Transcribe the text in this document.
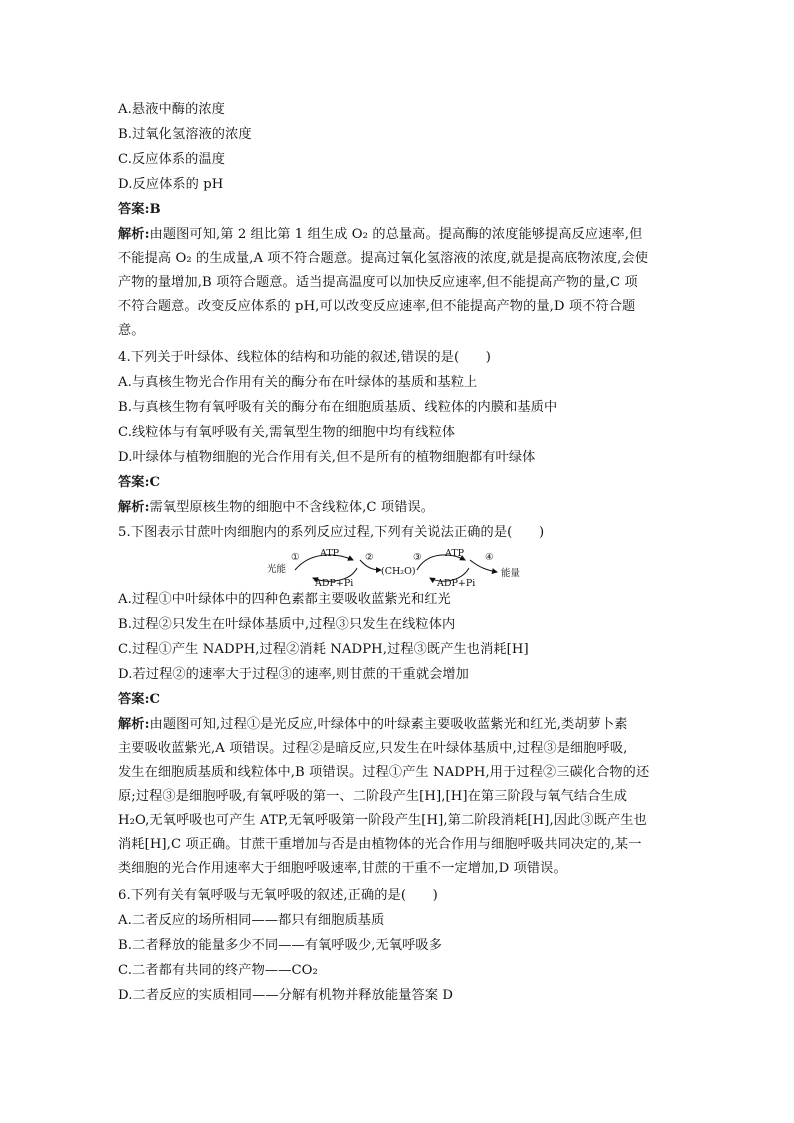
A.悬液中酶的浓度
B.过氧化氢溶液的浓度
C.反应体系的温度
D.反应体系的 pH
答案:B
解析:由题图可知,第 2 组比第 1 组生成 O₂ 的总量高。提高酶的浓度能够提高反应速率,但
不能提高 O₂ 的生成量,A 项不符合题意。提高过氧化氢溶液的浓度,就是提高底物浓度,会使
产物的量增加,B 项符合题意。适当提高温度可以加快反应速率,但不能提高产物的量,C 项
不符合题意。改变反应体系的 pH,可以改变反应速率,但不能提高产物的量,D 项不符合题
意。
4.下列关于叶绿体、线粒体的结构和功能的叙述,错误的是(　　)
A.与真核生物光合作用有关的酶分布在叶绿体的基质和基粒上
B.与真核生物有氧呼吸有关的酶分布在细胞质基质、线粒体的内膜和基质中
C.线粒体与有氧呼吸有关,需氧型生物的细胞中均有线粒体
D.叶绿体与植物细胞的光合作用有关,但不是所有的植物细胞都有叶绿体
答案:C
解析:需氧型原核生物的细胞中不含线粒体,C 项错误。
5.下图表示甘蔗叶肉细胞内的系列反应过程,下列有关说法正确的是(　　)
光能
① ATP
ADP+Pi
②
(CH₂O)
③ ATP
ADP+Pi
④
能量
A.过程①中叶绿体中的四种色素都主要吸收蓝紫光和红光
B.过程②只发生在叶绿体基质中,过程③只发生在线粒体内
C.过程①产生 NADPH,过程②消耗 NADPH,过程③既产生也消耗[H]
D.若过程②的速率大于过程③的速率,则甘蔗的干重就会增加
答案:C
解析:由题图可知,过程①是光反应,叶绿体中的叶绿素主要吸收蓝紫光和红光,类胡萝卜素
主要吸收蓝紫光,A 项错误。过程②是暗反应,只发生在叶绿体基质中,过程③是细胞呼吸,
发生在细胞质基质和线粒体中,B 项错误。过程①产生 NADPH,用于过程②三碳化合物的还
原;过程③是细胞呼吸,有氧呼吸的第一、二阶段产生[H],[H]在第三阶段与氧气结合生成
H₂O,无氧呼吸也可产生 ATP,无氧呼吸第一阶段产生[H],第二阶段消耗[H],因此③既产生也
消耗[H],C 项正确。甘蔗干重增加与否是由植物体的光合作用与细胞呼吸共同决定的,某一
类细胞的光合作用速率大于细胞呼吸速率,甘蔗的干重不一定增加,D 项错误。
6.下列有关有氧呼吸与无氧呼吸的叙述,正确的是(　　)
A.二者反应的场所相同——都只有细胞质基质
B.二者释放的能量多少不同——有氧呼吸少,无氧呼吸多
C.二者都有共同的终产物——CO₂
D.二者反应的实质相同——分解有机物并释放能量答案 D
